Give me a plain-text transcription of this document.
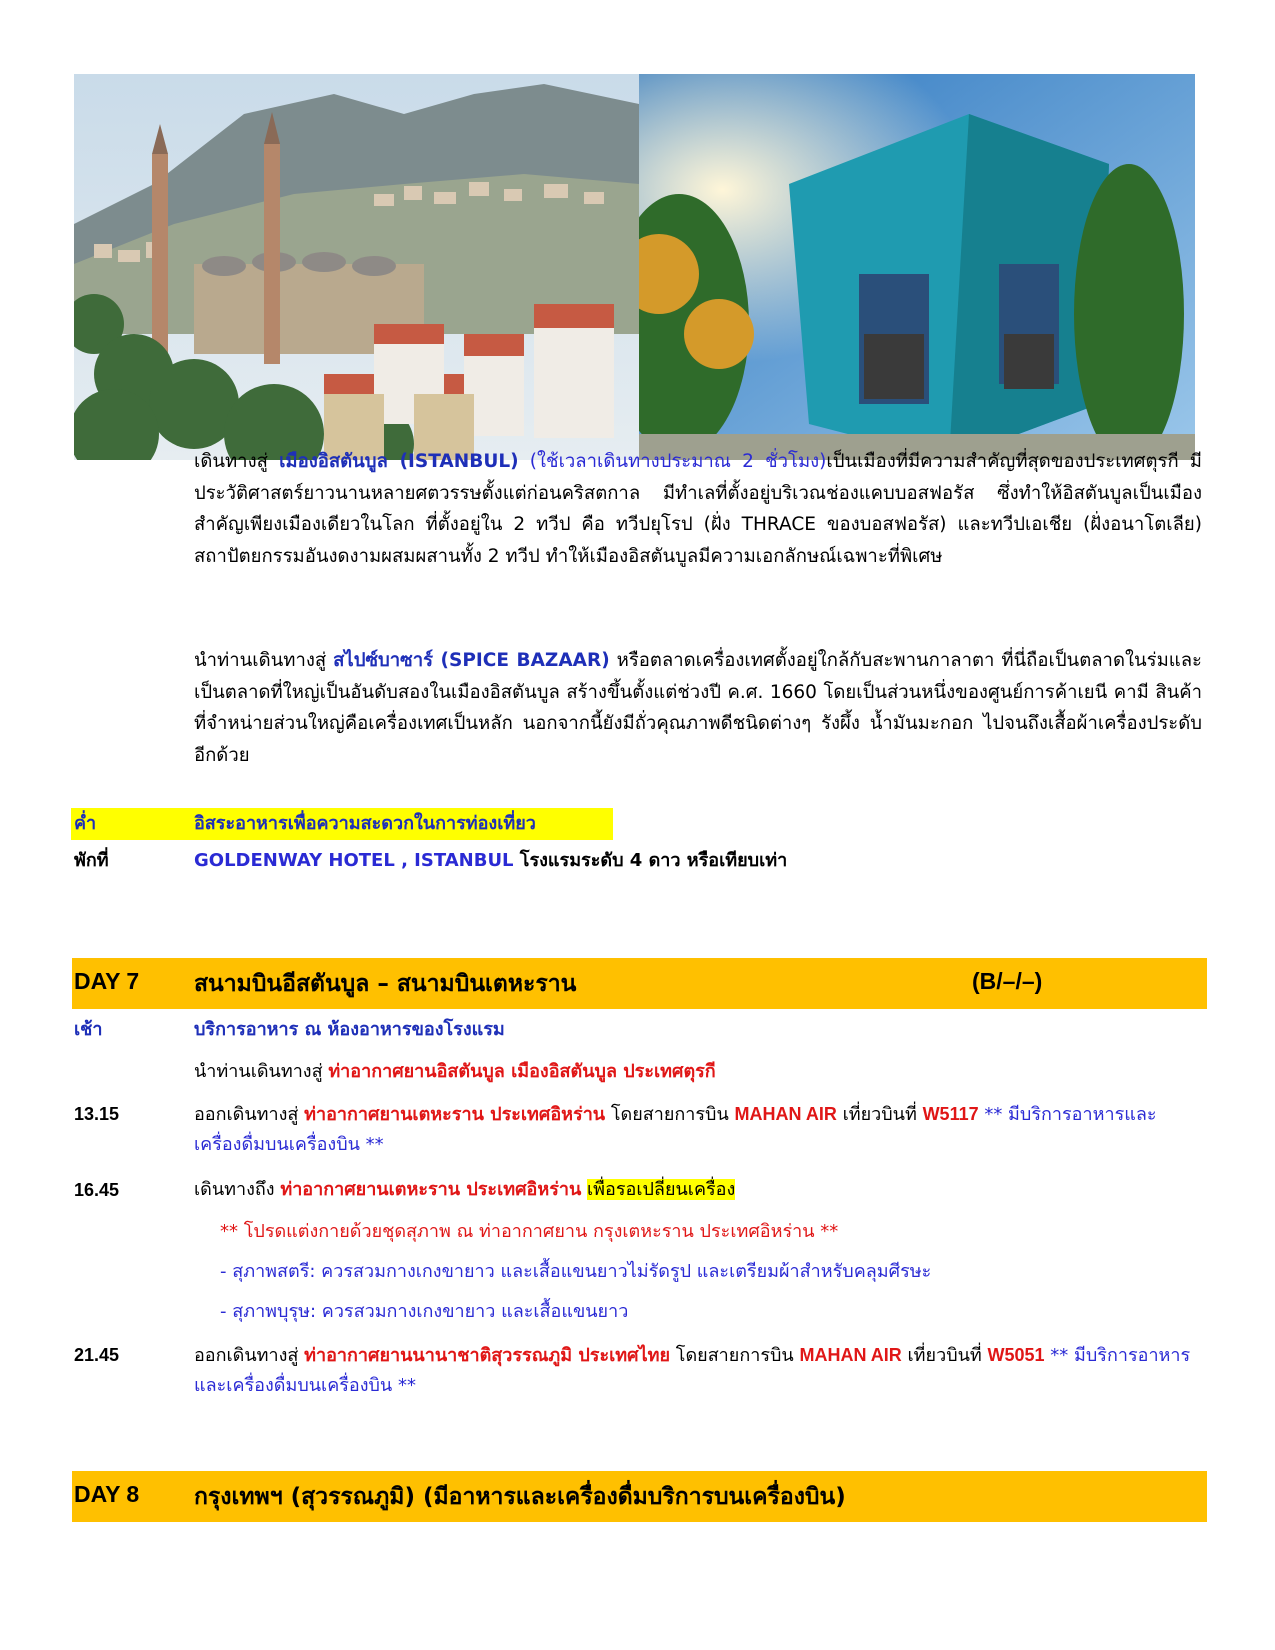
เดินทางสู่ เมืองอิสตันบูล (ISTANBUL) (ใช้เวลาเดินทางประมาณ 2 ชั่วโมง)เป็นเมืองที่มีความสำคัญที่สุดของประเทศตุรกี มีประวัติศาสตร์ยาวนานหลายศตวรรษตั้งแต่ก่อนคริสตกาล มีทำเลที่ตั้งอยู่บริเวณช่องแคบบอสฟอรัส ซึ่งทำให้อิสตันบูลเป็นเมืองสำคัญเพียงเมืองเดียวในโลก ที่ตั้งอยู่ใน 2 ทวีป คือ ทวีปยุโรป (ฝั่ง THRACE ของบอสฟอรัส) และทวีปเอเชีย (ฝั่งอนาโตเลีย) สถาปัตยกรรมอันงดงามผสมผสานทั้ง 2 ทวีป ทำให้เมืองอิสตันบูลมีความเอกลักษณ์เฉพาะที่พิเศษ
นำท่านเดินทางสู่ สไปซ์บาซาร์ (SPICE BAZAAR) หรือตลาดเครื่องเทศตั้งอยู่ใกล้กับสะพานกาลาตา ที่นี่ถือเป็นตลาดในร่มและเป็นตลาดที่ใหญ่เป็นอันดับสองในเมืองอิสตันบูล สร้างขึ้นตั้งแต่ช่วงปี ค.ศ. 1660 โดยเป็นส่วนหนึ่งของศูนย์การค้าเยนี คามี สินค้าที่จำหน่ายส่วนใหญ่คือเครื่องเทศเป็นหลัก นอกจากนี้ยังมีถั่วคุณภาพดีชนิดต่างๆ รังผึ้ง น้ำมันมะกอก ไปจนถึงเสื้อผ้าเครื่องประดับอีกด้วย
ค่ำ	อิสระอาหารเพื่อความสะดวกในการท่องเที่ยว
พักที่	GOLDENWAY HOTEL , ISTANBUL โรงแรมระดับ 4 ดาว หรือเทียบเท่า
DAY 7 สนามบินอีสตันบูล – สนามบินเตหะราน	(B/–/–)
เช้า	บริการอาหาร ณ ห้องอาหารของโรงแรม
นำท่านเดินทางสู่ ท่าอากาศยานอิสตันบูล เมืองอิสตันบูล ประเทศตุรกี
13.15	ออกเดินทางสู่ ท่าอากาศยานเตหะราน ประเทศอิหร่าน โดยสายการบิน MAHAN AIR เที่ยวบินที่ W5117 ** มีบริการอาหารและเครื่องดื่มบนเครื่องบิน **
16.45	เดินทางถึง ท่าอากาศยานเตหะราน ประเทศอิหร่าน เพื่อรอเปลี่ยนเครื่อง
** โปรดแต่งกายด้วยชุดสุภาพ ณ ท่าอากาศยาน กรุงเตหะราน ประเทศอิหร่าน **
- สุภาพสตรี: ควรสวมกางเกงขายาว และเสื้อแขนยาวไม่รัดรูป และเตรียมผ้าสำหรับคลุมศีรษะ
- สุภาพบุรุษ: ควรสวมกางเกงขายาว และเสื้อแขนยาว
21.45	ออกเดินทางสู่ ท่าอากาศยานนานาชาติสุวรรณภูมิ ประเทศไทย โดยสายการบิน MAHAN AIR เที่ยวบินที่ W5051 ** มีบริการอาหารและเครื่องดื่มบนเครื่องบิน **
DAY 8 กรุงเทพฯ (สุวรรณภูมิ) (มีอาหารและเครื่องดื่มบริการบนเครื่องบิน)
